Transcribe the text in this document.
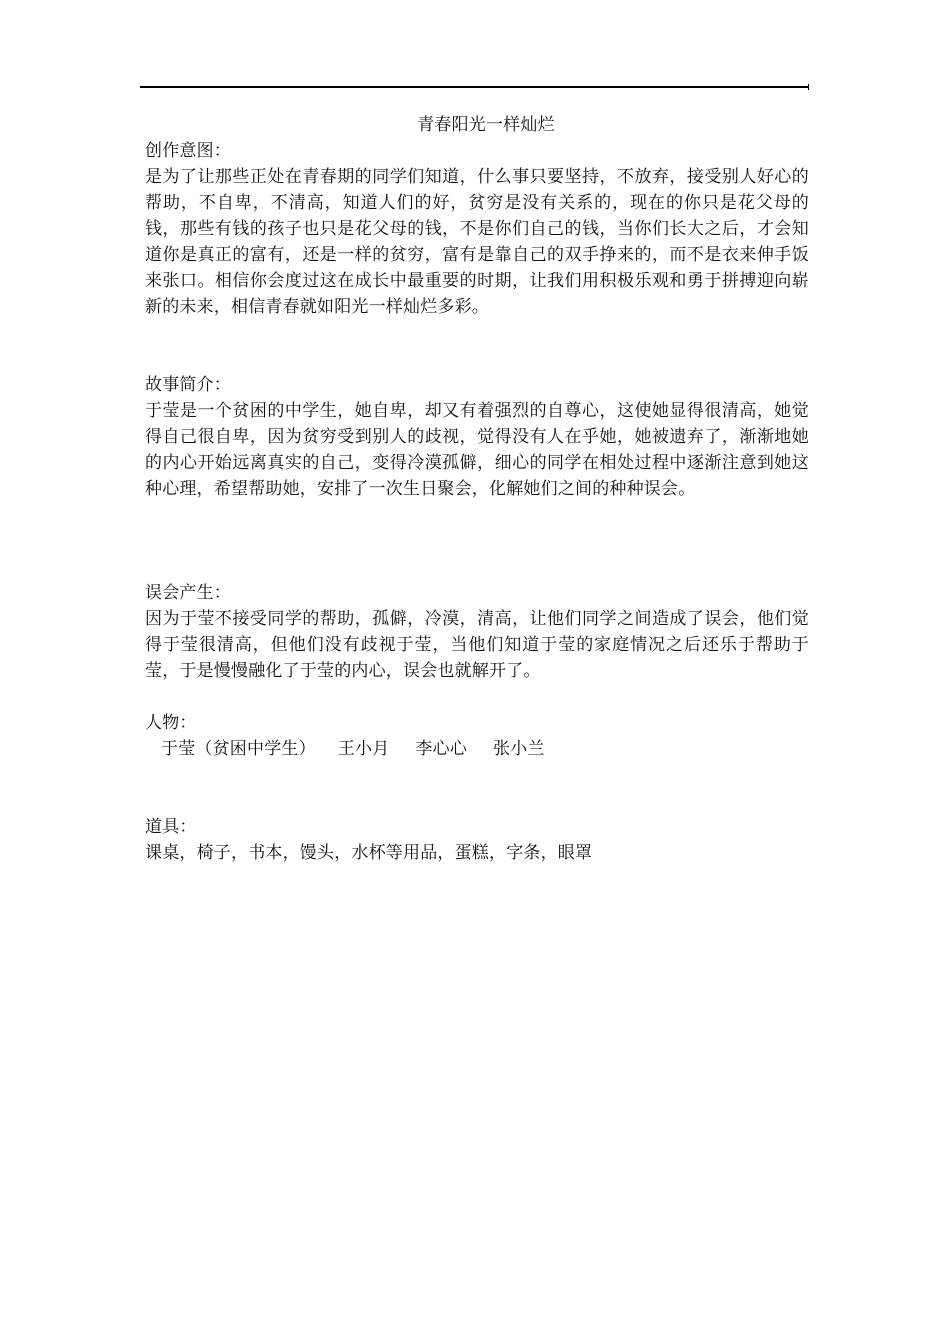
青春阳光一样灿烂

创作意图：

是为了让那些正处在青春期的同学们知道，什么事只要坚持，不放弃，接受别人好心的帮助，不自卑，不清高，知道人们的好，贫穷是没有关系的，现在的你只是花父母的钱，那些有钱的孩子也只是花父母的钱，不是你们自己的钱，当你们长大之后，才会知道你是真正的富有，还是一样的贫穷，富有是靠自己的双手挣来的，而不是衣来伸手饭来张口。相信你会度过这在成长中最重要的时期，让我们用积极乐观和勇于拼搏迎向崭新的未来，相信青春就如阳光一样灿烂多彩。

故事简介：

于莹是一个贫困的中学生，她自卑，却又有着强烈的自尊心，这使她显得很清高，她觉得自己很自卑，因为贫穷受到别人的歧视，觉得没有人在乎她，她被遗弃了，渐渐地她的内心开始远离真实的自己，变得冷漠孤僻，细心的同学在相处过程中逐渐注意到她这种心理，希望帮助她，安排了一次生日聚会，化解她们之间的种种误会。

误会产生：

因为于莹不接受同学的帮助，孤僻，冷漠，清高，让他们同学之间造成了误会，他们觉得于莹很清高，但他们没有歧视于莹，当他们知道于莹的家庭情况之后还乐于帮助于莹，于是慢慢融化了于莹的内心，误会也就解开了。

人物：

于莹（贫困中学生） 王小月 李心心 张小兰

道具：

课桌，椅子，书本，馒头，水杯等用品，蛋糕，字条，眼罩
